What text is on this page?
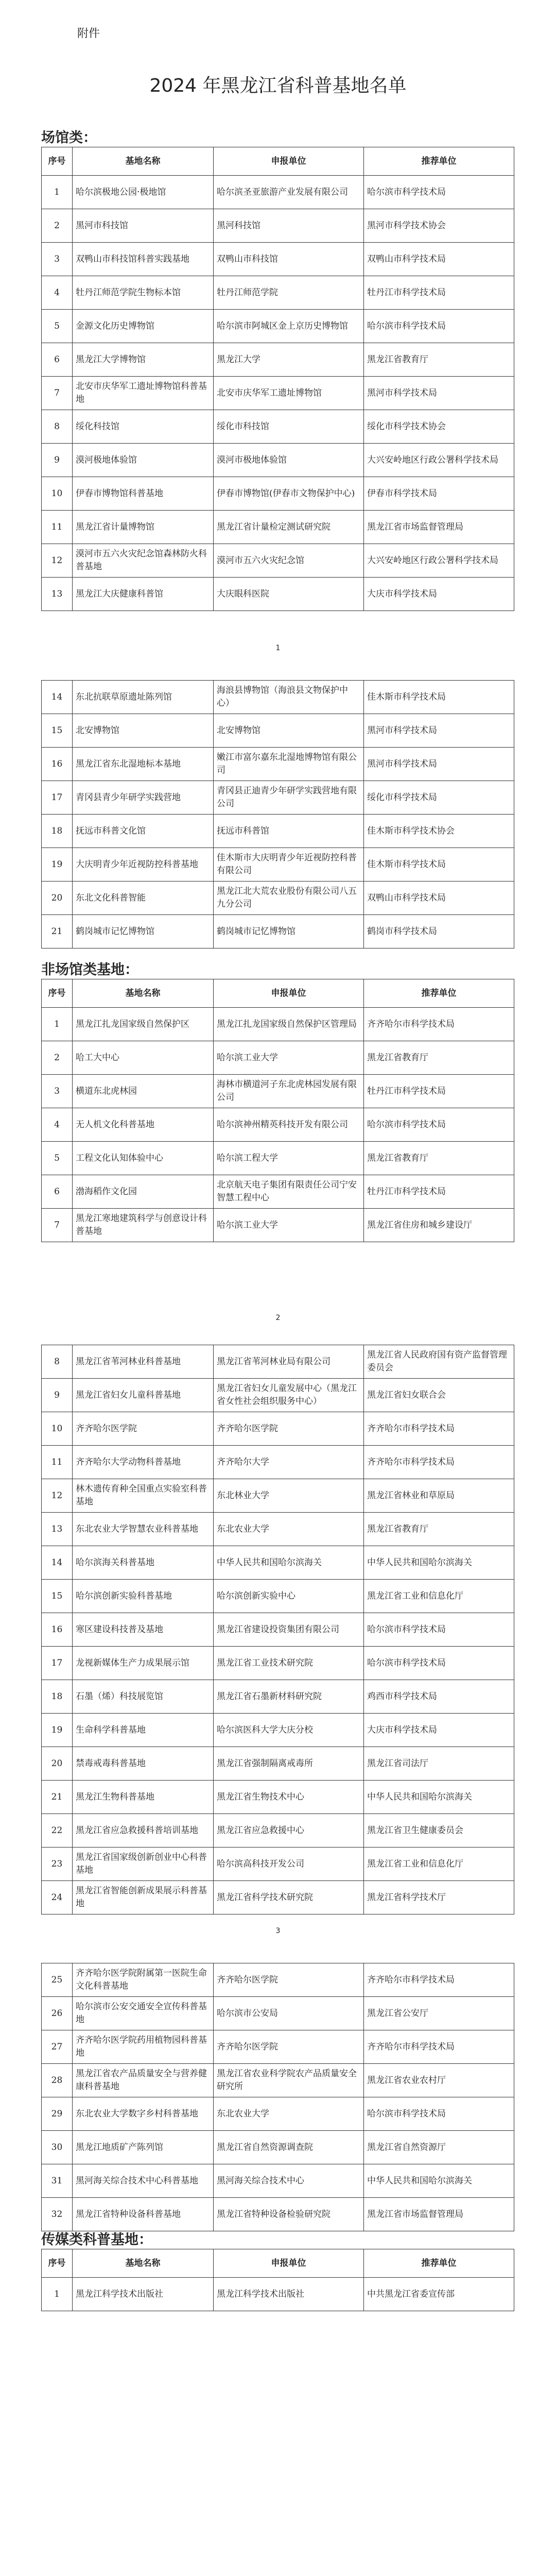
附件
2024 年黑龙江省科普基地名单
场馆类：
序号	基地名称	申报单位	推荐单位
1	哈尔滨极地公园·极地馆	哈尔滨圣亚旅游产业发展有限公司	哈尔滨市科学技术局
2	黑河市科技馆	黑河科技馆	黑河市科学技术协会
3	双鸭山市科技馆科普实践基地	双鸭山市科技馆	双鸭山市科学技术局
4	牡丹江师范学院生物标本馆	牡丹江师范学院	牡丹江市科学技术局
5	金源文化历史博物馆	哈尔滨市阿城区金上京历史博物馆	哈尔滨市科学技术局
6	黑龙江大学博物馆	黑龙江大学	黑龙江省教育厅
7	北安市庆华军工遗址博物馆科普基地	北安市庆华军工遗址博物馆	黑河市科学技术局
8	绥化科技馆	绥化市科技馆	绥化市科学技术协会
9	漠河极地体验馆	漠河市极地体验馆	大兴安岭地区行政公署科学技术局
10	伊春市博物馆科普基地	伊春市博物馆(伊春市文物保护中心)	伊春市科学技术局
11	黑龙江省计量博物馆	黑龙江省计量检定测试研究院	黑龙江省市场监督管理局
12	漠河市五六火灾纪念馆森林防火科普基地	漠河市五六火灾纪念馆	大兴安岭地区行政公署科学技术局
13	黑龙江大庆健康科普馆	大庆眼科医院	大庆市科学技术局
1
14	东北抗联草原遗址陈列馆	海浪县博物馆（海浪县文物保护中心）	佳木斯市科学技术局
15	北安博物馆	北安博物馆	黑河市科学技术局
16	黑龙江省东北湿地标本基地	嫩江市富尔嘉东北湿地博物馆有限公司	黑河市科学技术局
17	青冈县青少年研学实践营地	青冈县正迪青少年研学实践营地有限公司	绥化市科学技术局
18	抚远市科普文化馆	抚远市科普馆	佳木斯市科学技术协会
19	大庆明青少年近视防控科普基地	佳木斯市大庆明青少年近视防控科普有限公司	佳木斯市科学技术局
20	东北文化科普智能	黑龙江北大荒农业股份有限公司八五九分公司	双鸭山市科学技术局
21	鹤岗城市记忆博物馆	鹤岗城市记忆博物馆	鹤岗市科学技术局
非场馆类基地：
序号	基地名称	申报单位	推荐单位
1	黑龙江扎龙国家级自然保护区	黑龙江扎龙国家级自然保护区管理局	齐齐哈尔市科学技术局
2	哈工大中心	哈尔滨工业大学	黑龙江省教育厅
3	横道东北虎林园	海林市横道河子东北虎林园发展有限公司	牡丹江市科学技术局
4	无人机文化科普基地	哈尔滨神州精英科技开发有限公司	哈尔滨市科学技术局
5	工程文化认知体验中心	哈尔滨工程大学	黑龙江省教育厅
6	渤海稻作文化园	北京航天电子集团有限责任公司宁安智慧工程中心	牡丹江市科学技术局
7	黑龙江寒地建筑科学与创意设计科普基地	哈尔滨工业大学	黑龙江省住房和城乡建设厅
2
8	黑龙江省苇河林业科普基地	黑龙江省苇河林业局有限公司	黑龙江省人民政府国有资产监督管理委员会
9	黑龙江省妇女儿童科普基地	黑龙江省妇女儿童发展中心（黑龙江省女性社会组织服务中心）	黑龙江省妇女联合会
10	齐齐哈尔医学院	齐齐哈尔医学院	齐齐哈尔市科学技术局
11	齐齐哈尔大学动物科普基地	齐齐哈尔大学	齐齐哈尔市科学技术局
12	林木遗传育种全国重点实验室科普基地	东北林业大学	黑龙江省林业和草原局
13	东北农业大学智慧农业科普基地	东北农业大学	黑龙江省教育厅
14	哈尔滨海关科普基地	中华人民共和国哈尔滨海关	中华人民共和国哈尔滨海关
15	哈尔滨创新实验科普基地	哈尔滨创新实验中心	黑龙江省工业和信息化厅
16	寒区建设科技普及基地	黑龙江省建设投资集团有限公司	哈尔滨市科学技术局
17	龙视新媒体生产力成果展示馆	黑龙江省工业技术研究院	哈尔滨市科学技术局
18	石墨（烯）科技展览馆	黑龙江省石墨新材料研究院	鸡西市科学技术局
19	生命科学科普基地	哈尔滨医科大学大庆分校	大庆市科学技术局
20	禁毒戒毒科普基地	黑龙江省强制隔离戒毒所	黑龙江省司法厅
21	黑龙江生物科普基地	黑龙江省生物技术中心	中华人民共和国哈尔滨海关
22	黑龙江省应急救援科普培训基地	黑龙江省应急救援中心	黑龙江省卫生健康委员会
23	黑龙江省国家级创新创业中心科普基地	哈尔滨高科技开发公司	黑龙江省工业和信息化厅
24	黑龙江省智能创新成果展示科普基地	黑龙江省科学技术研究院	黑龙江省科学技术厅
3
25	齐齐哈尔医学院附属第一医院生命文化科普基地	齐齐哈尔医学院	齐齐哈尔市科学技术局
26	哈尔滨市公安交通安全宣传科普基地	哈尔滨市公安局	黑龙江省公安厅
27	齐齐哈尔医学院药用植物园科普基地	齐齐哈尔医学院	齐齐哈尔市科学技术局
28	黑龙江省农产品质量安全与营养健康科普基地	黑龙江省农业科学院农产品质量安全研究所	黑龙江省农业农村厅
29	东北农业大学数字乡村科普基地	东北农业大学	哈尔滨市科学技术局
30	黑龙江地质矿产陈列馆	黑龙江省自然资源调查院	黑龙江省自然资源厅
31	黑河海关综合技术中心科普基地	黑河海关综合技术中心	中华人民共和国哈尔滨海关
32	黑龙江省特种设备科普基地	黑龙江省特种设备检验研究院	黑龙江省市场监督管理局
传媒类科普基地：
序号	基地名称	申报单位	推荐单位
1	黑龙江科学技术出版社	黑龙江科学技术出版社	中共黑龙江省委宣传部
